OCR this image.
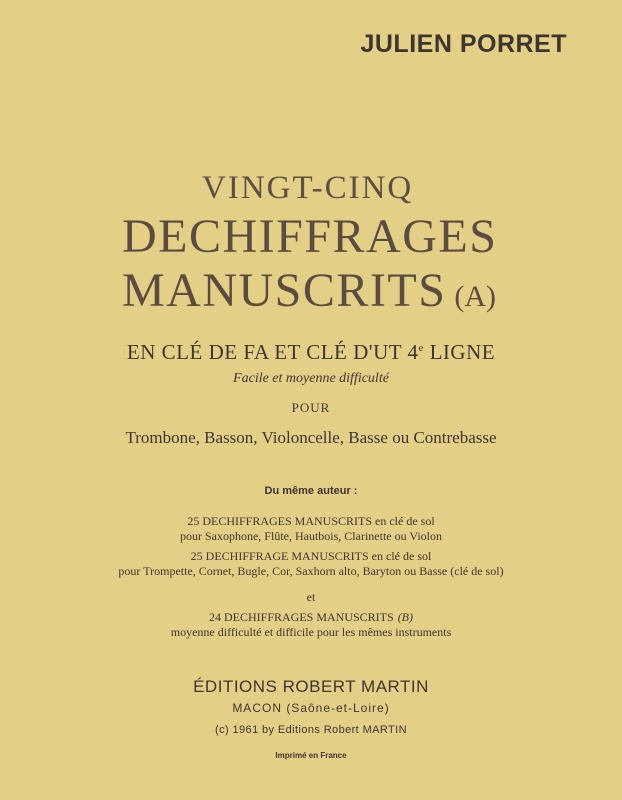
JULIEN PORRET
VINGT-CINQ
DECHIFFRAGES
MANUSCRITS (A)
EN CLÉ DE FA ET CLÉ D'UT 4e LIGNE
Facile et moyenne difficulté
POUR
Trombone, Basson, Violoncelle, Basse ou Contrebasse
Du même auteur :
25 DECHIFFRAGES MANUSCRITS en clé de sol
pour Saxophone, Flûte, Hautbois, Clarinette ou Violon
25 DECHIFFRAGE MANUSCRITS en clé de sol
pour Trompette, Cornet, Bugle, Cor, Saxhorn alto, Baryton ou Basse (clé de sol)
et
24 DECHIFFRAGES MANUSCRITS (B)
moyenne difficulté et difficile pour les mêmes instruments
ÉDITIONS ROBERT MARTIN
MACON (Saône-et-Loire)
(c) 1961 by Editions Robert MARTIN
Imprimé en France
